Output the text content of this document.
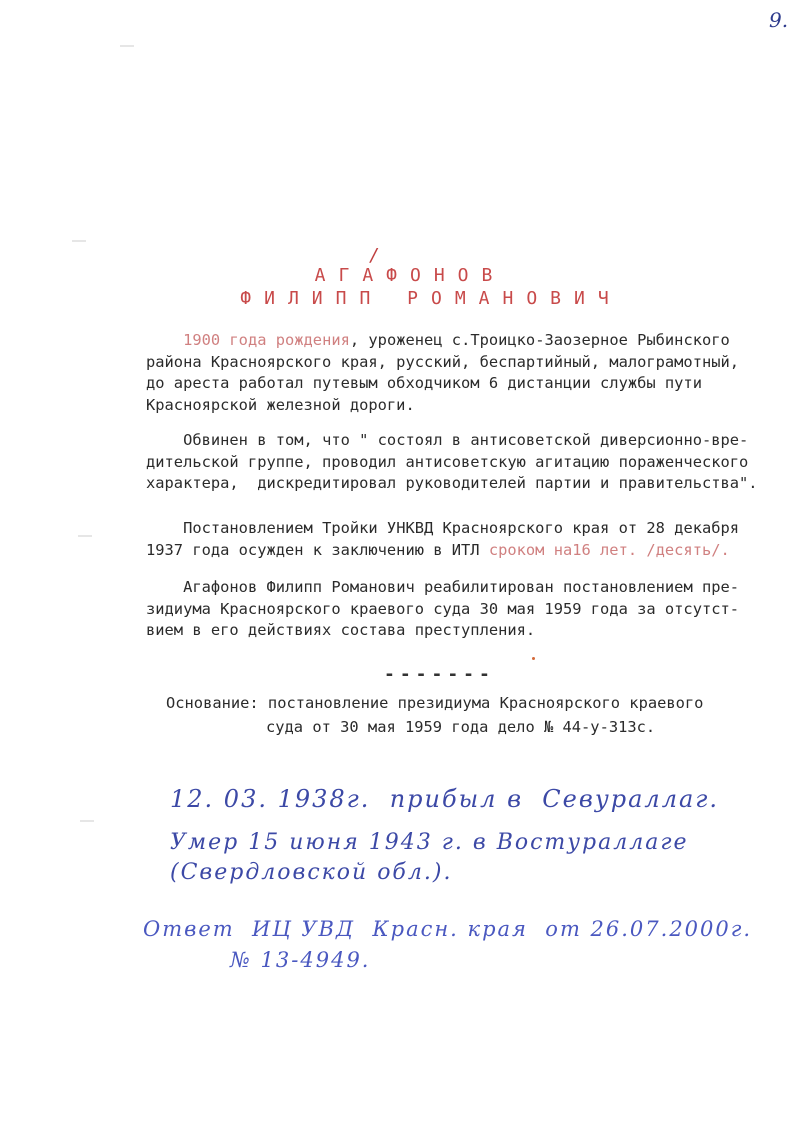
9.
/
АГАФОНОВ
ФИЛИПП РОМАНОВИЧ
1900 года рождения, уроженец с.Троицко-Заозерное Рыбинского
района Красноярского края, русский, беспартийный, малограмотный,
до ареста работал путевым обходчиком 6 дистанции службы пути
Красноярской железной дороги.
Обвинен в том, что " состоял в антисоветской диверсионно-вре-
дительской группе, проводил антисоветскую агитацию пораженческого
характера,  дискредитировал руководителей партии и правительства".
Постановлением Тройки УНКВД Красноярского края от 28 декабря
1937 года осужден к заключению в ИТЛ сроком на16 лет. /десять/.
Агафонов Филипп Романович реабилитирован постановлением пре-
зидиума Красноярского краевого суда 30 мая 1959 года за отсутст-
вием в его действиях состава преступления.
-------
Основание: постановление президиума Красноярского краевого
суда от 30 мая 1959 года дело № 44-у-313с.
12. 03. 1938г.  прибыл в  Севураллаг.
Умер 15 июня 1943 г. в Востураллаге
(Свердловской обл.).
Ответ  ИЦ УВД  Красн. края  от 26.07.2000г.
№ 13-4949.
